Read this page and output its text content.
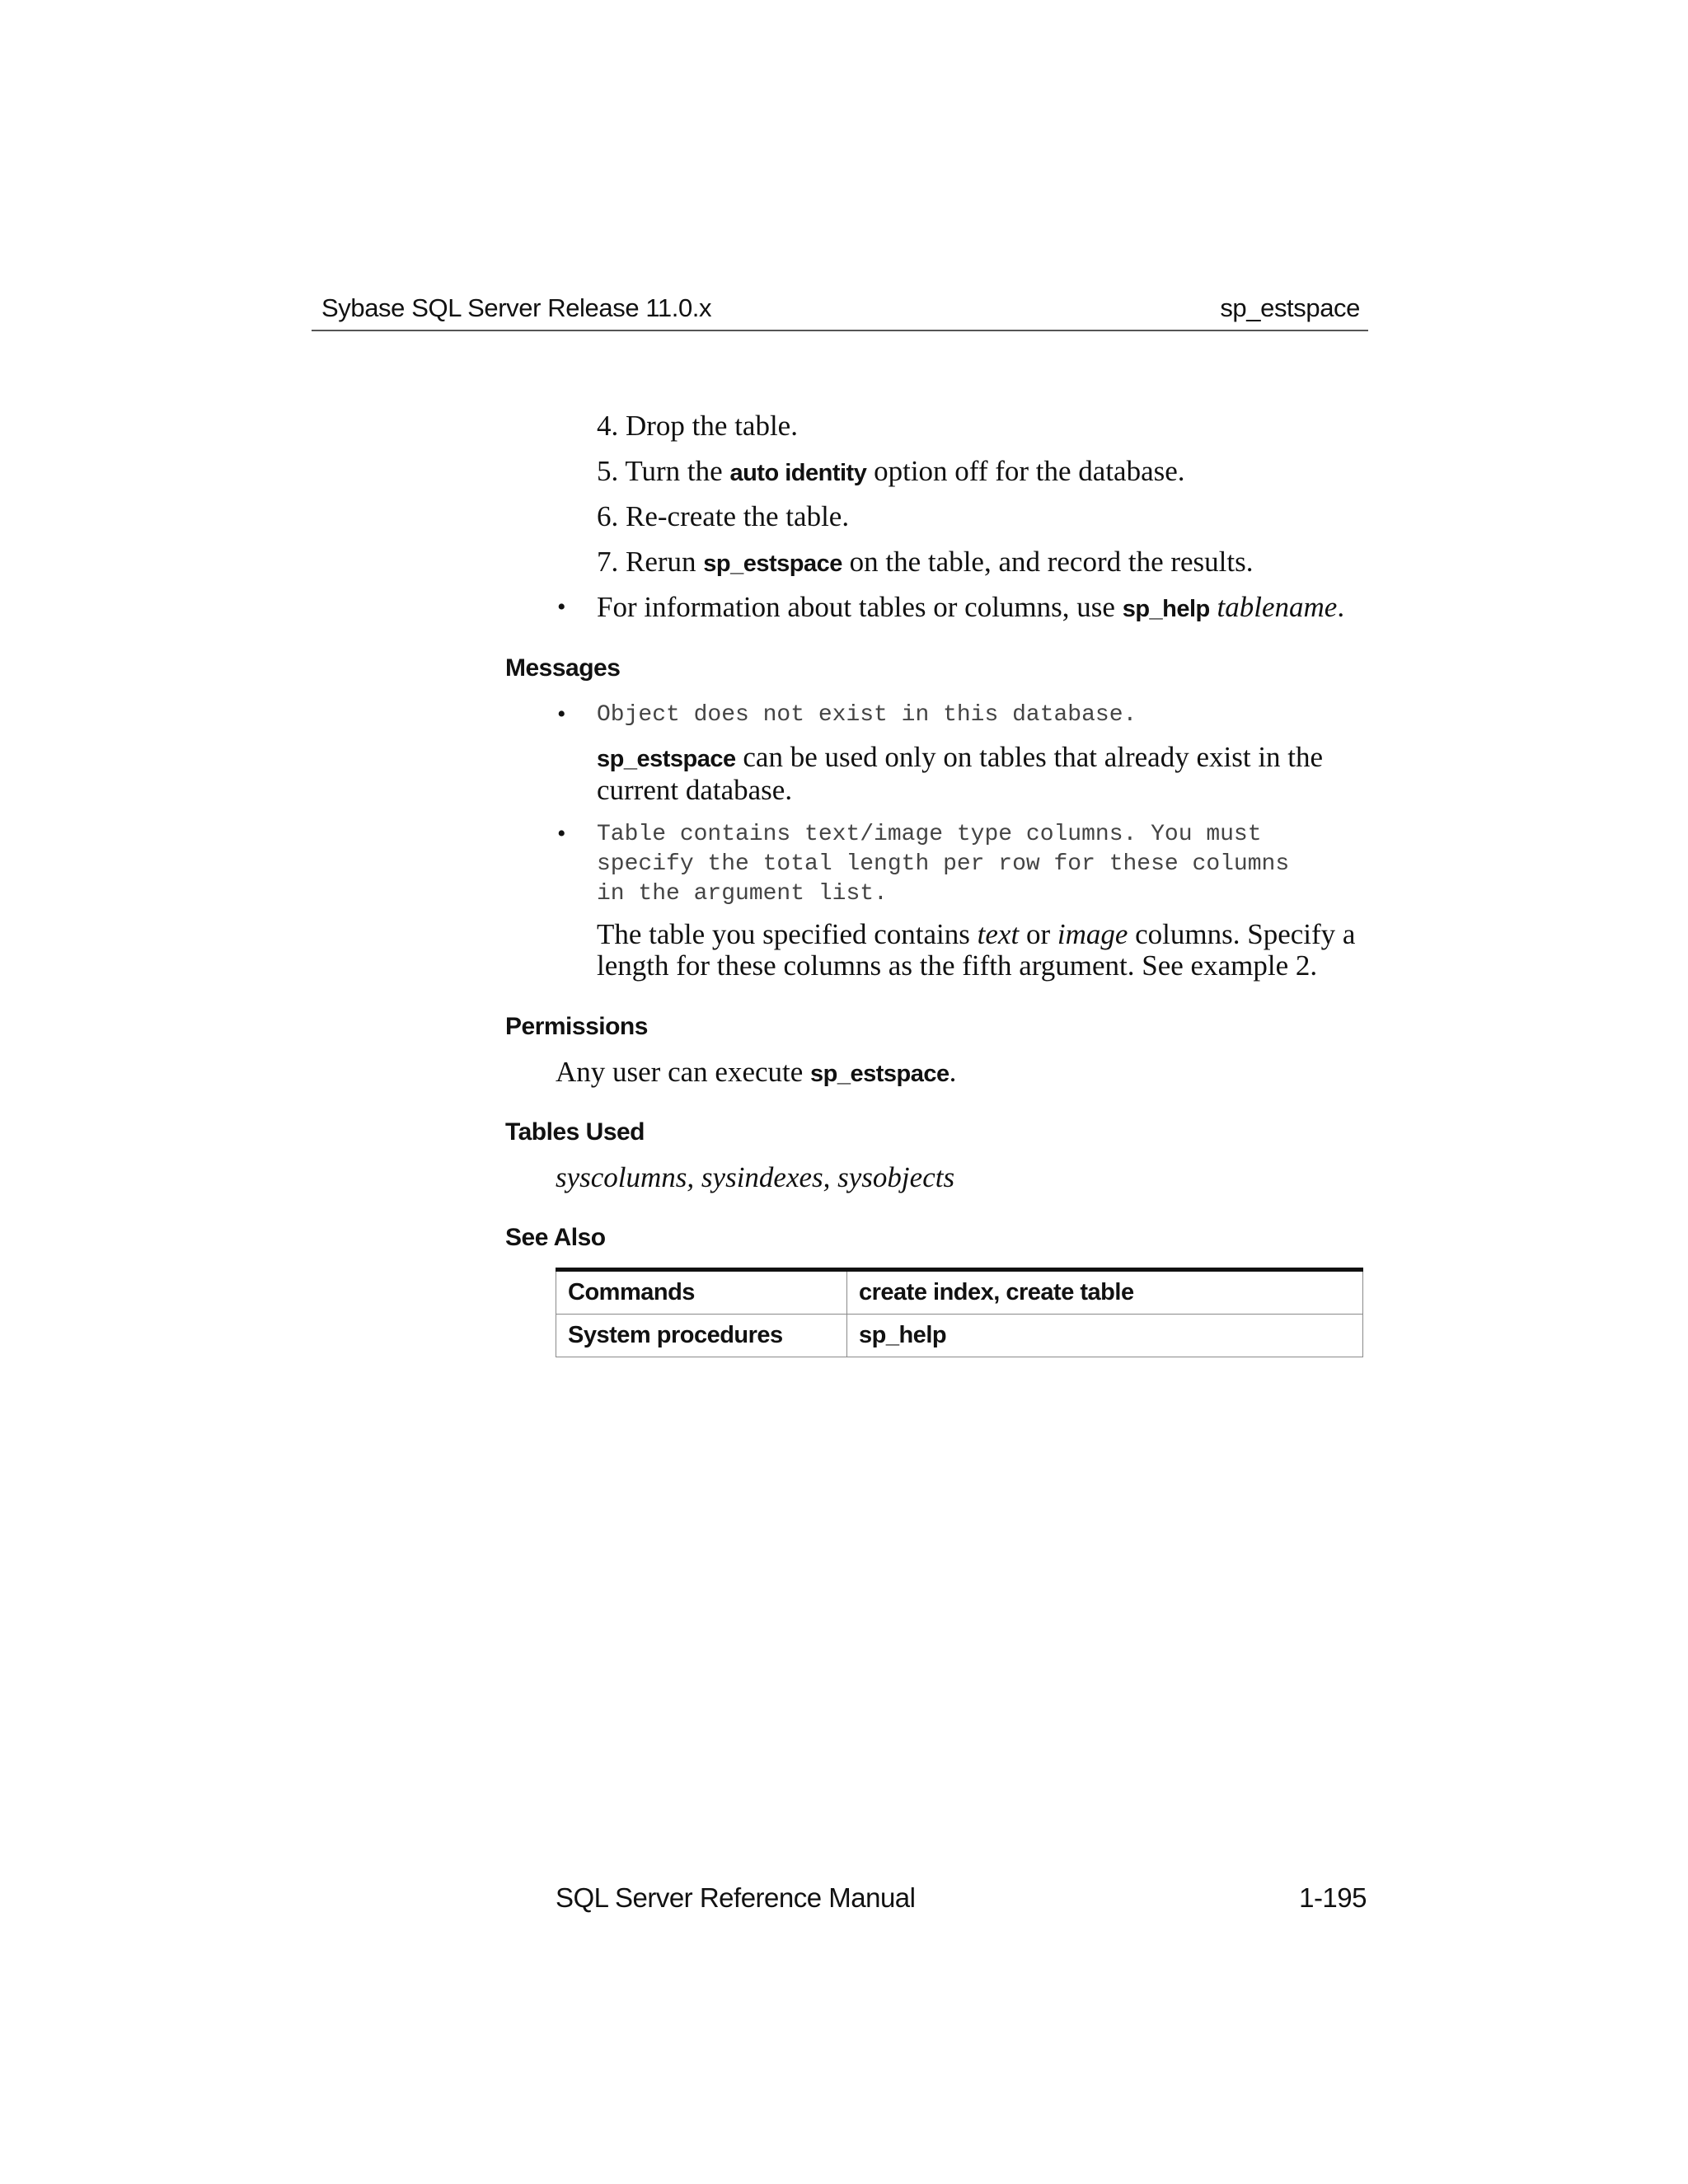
Sybase SQL Server Release 11.0.x	sp_estspace
4. Drop the table.
5. Turn the auto identity option off for the database.
6. Re-create the table.
7. Rerun sp_estspace on the table, and record the results.
• For information about tables or columns, use sp_help tablename.
Messages
• Object does not exist in this database.
sp_estspace can be used only on tables that already exist in the
current database.
• Table contains text/image type columns. You must
specify the total length per row for these columns
in the argument list.
The table you specified contains text or image columns. Specify a
length for these columns as the fifth argument. See example 2.
Permissions
Any user can execute sp_estspace.
Tables Used
syscolumns, sysindexes, sysobjects
See Also
Commands	create index, create table
System procedures	sp_help
SQL Server Reference Manual	1-195
